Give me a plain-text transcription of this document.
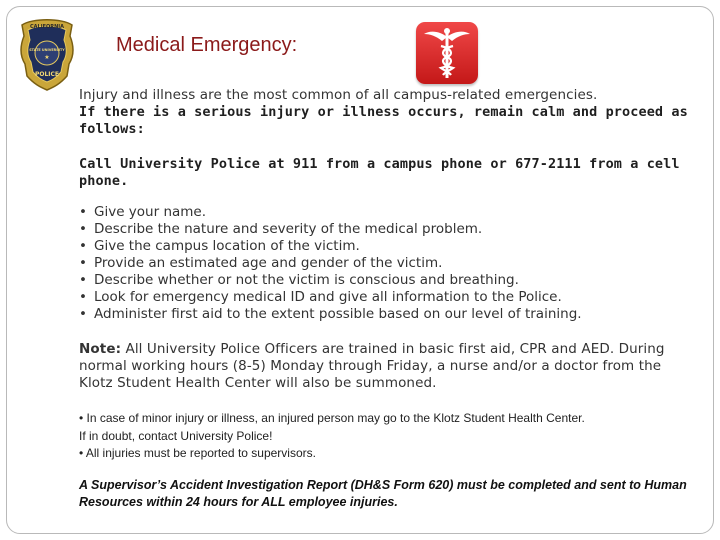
CALIFORNIA
STATE UNIVERSITY
★
POLICE
Medical Emergency:
Injury and illness are the most common of all campus-related emergencies.
If there is a serious injury or illness occurs, remain calm and proceed as follows:
Call University Police at 911 from a campus phone or 677-2111 from a cell phone.
• Give your name.
• Describe the nature and severity of the medical problem.
• Give the campus location of the victim.
• Provide an estimated age and gender of the victim.
• Describe whether or not the victim is conscious and breathing.
• Look for emergency medical ID and give all information to the Police.
• Administer first aid to the extent possible based on our level of training.
Note: All University Police Officers are trained in basic first aid, CPR and AED. During normal working hours (8-5) Monday through Friday, a nurse and/or a doctor from the Klotz Student Health Center will also be summoned.
• In case of minor injury or illness, an injured person may go to the Klotz Student Health Center.
If in doubt, contact University Police!
• All injuries must be reported to supervisors.
A Supervisor’s Accident Investigation Report (DH&S Form 620) must be completed and sent to Human Resources within 24 hours for ALL employee injuries.
